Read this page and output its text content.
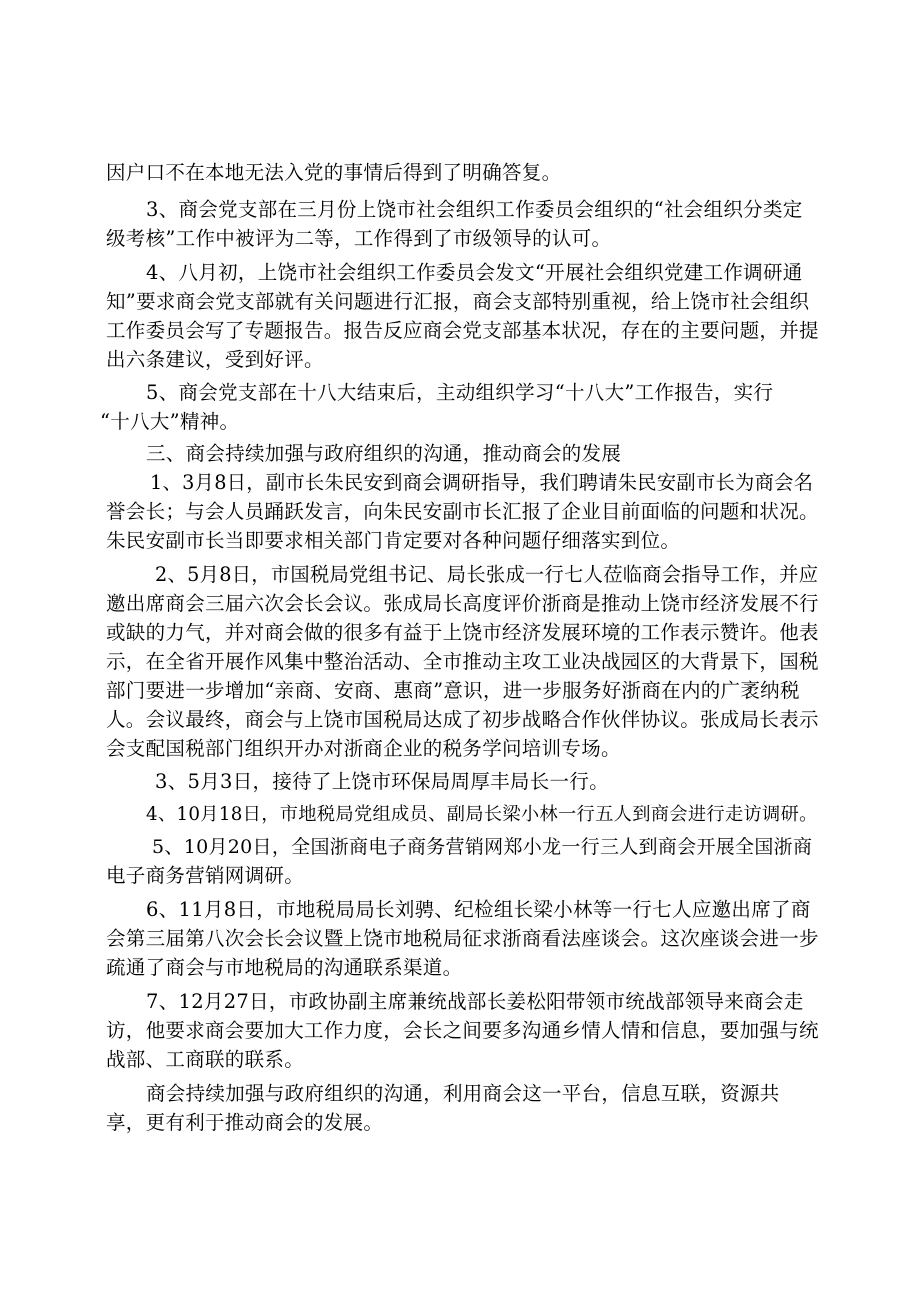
因户口不在本地无法入党的事情后得到了明确答复。
3、商会党支部在三月份上饶市社会组织工作委员会组织的“社会组织分类定
级考核”工作中被评为二等，工作得到了市级领导的认可。
4、八月初，上饶市社会组织工作委员会发文“开展社会组织党建工作调研通
知”要求商会党支部就有关问题进行汇报，商会支部特别重视，给上饶市社会组织
工作委员会写了专题报告。报告反应商会党支部基本状况，存在的主要问题，并提
出六条建议，受到好评。
5、商会党支部在十八大结束后，主动组织学习“十八大”工作报告，实行
“十八大”精神。
三、商会持续加强与政府组织的沟通，推动商会的发展
1、3月8日，副市长朱民安到商会调研指导，我们聘请朱民安副市长为商会名
誉会长；与会人员踊跃发言，向朱民安副市长汇报了企业目前面临的问题和状况。
朱民安副市长当即要求相关部门肯定要对各种问题仔细落实到位。
2、5月8日，市国税局党组书记、局长张成一行七人莅临商会指导工作，并应
邀出席商会三届六次会长会议。张成局长高度评价浙商是推动上饶市经济发展不行
或缺的力气，并对商会做的很多有益于上饶市经济发展环境的工作表示赞许。他表
示，在全省开展作风集中整治活动、全市推动主攻工业决战园区的大背景下，国税
部门要进一步增加“亲商、安商、惠商”意识，进一步服务好浙商在内的广袤纳税
人。会议最终，商会与上饶市国税局达成了初步战略合作伙伴协议。张成局长表示
会支配国税部门组织开办对浙商企业的税务学问培训专场。
3、5月3日，接待了上饶市环保局周厚丰局长一行。
4、10月18日，市地税局党组成员、副局长梁小林一行五人到商会进行走访调研。
5、10月20日，全国浙商电子商务营销网郑小龙一行三人到商会开展全国浙商
电子商务营销网调研。
6、11月8日，市地税局局长刘骋、纪检组长梁小林等一行七人应邀出席了商
会第三届第八次会长会议暨上饶市地税局征求浙商看法座谈会。这次座谈会进一步
疏通了商会与市地税局的沟通联系渠道。
7、12月27日，市政协副主席兼统战部长姜松阳带领市统战部领导来商会走
访，他要求商会要加大工作力度，会长之间要多沟通乡情人情和信息，要加强与统
战部、工商联的联系。
商会持续加强与政府组织的沟通，利用商会这一平台，信息互联，资源共
享，更有利于推动商会的发展。
